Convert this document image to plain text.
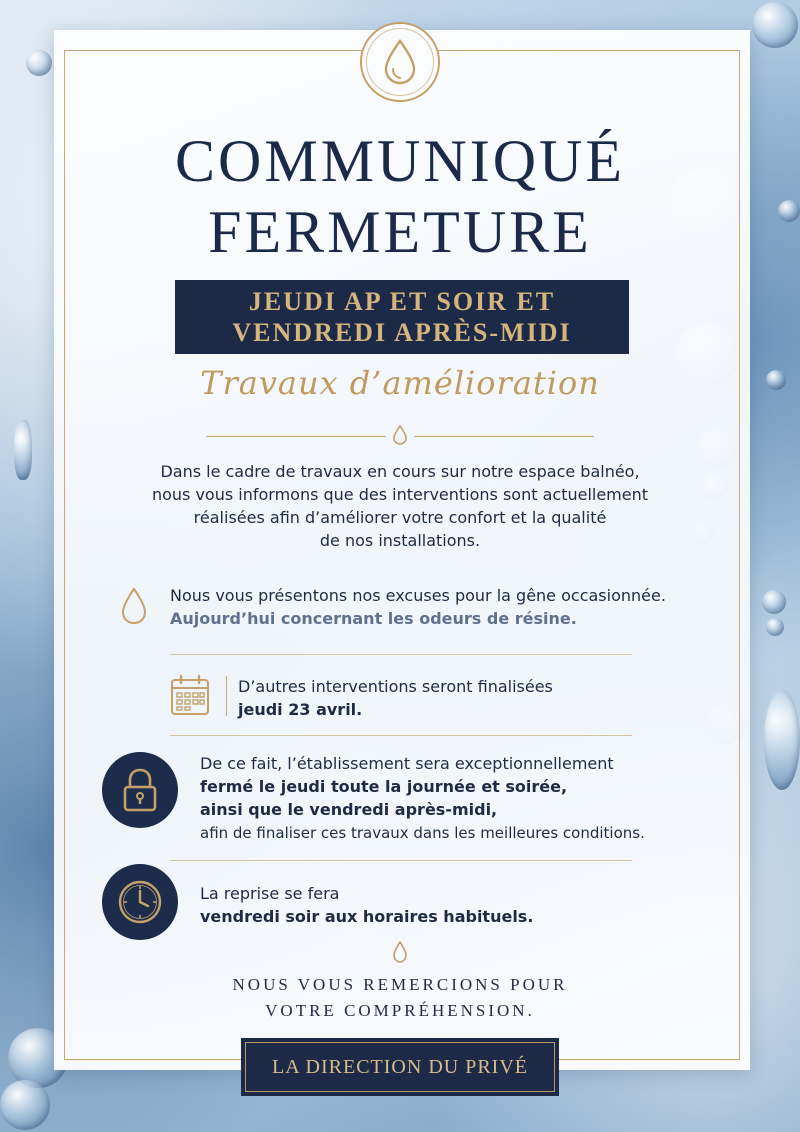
COMMUNIQUÉ
FERMETURE
JEUDI AP ET SOIR ET
VENDREDI APRÈS-MIDI
Travaux d’amélioration
Dans le cadre de travaux en cours sur notre espace balnéo,
nous vous informons que des interventions sont actuellement
réalisées afin d’améliorer votre confort et la qualité
de nos installations.
Nous vous présentons nos excuses pour la gêne occasionnée.
Aujourd’hui concernant les odeurs de résine.
D’autres interventions seront finalisées
jeudi 23 avril.
De ce fait, l’établissement sera exceptionnellement
fermé le jeudi toute la journée et soirée,
ainsi que le vendredi après-midi,
afin de finaliser ces travaux dans les meilleures conditions.
La reprise se fera
vendredi soir aux horaires habituels.
NOUS VOUS REMERCIONS POUR
VOTRE COMPRÉHENSION.
LA DIRECTION DU PRIVÉ
